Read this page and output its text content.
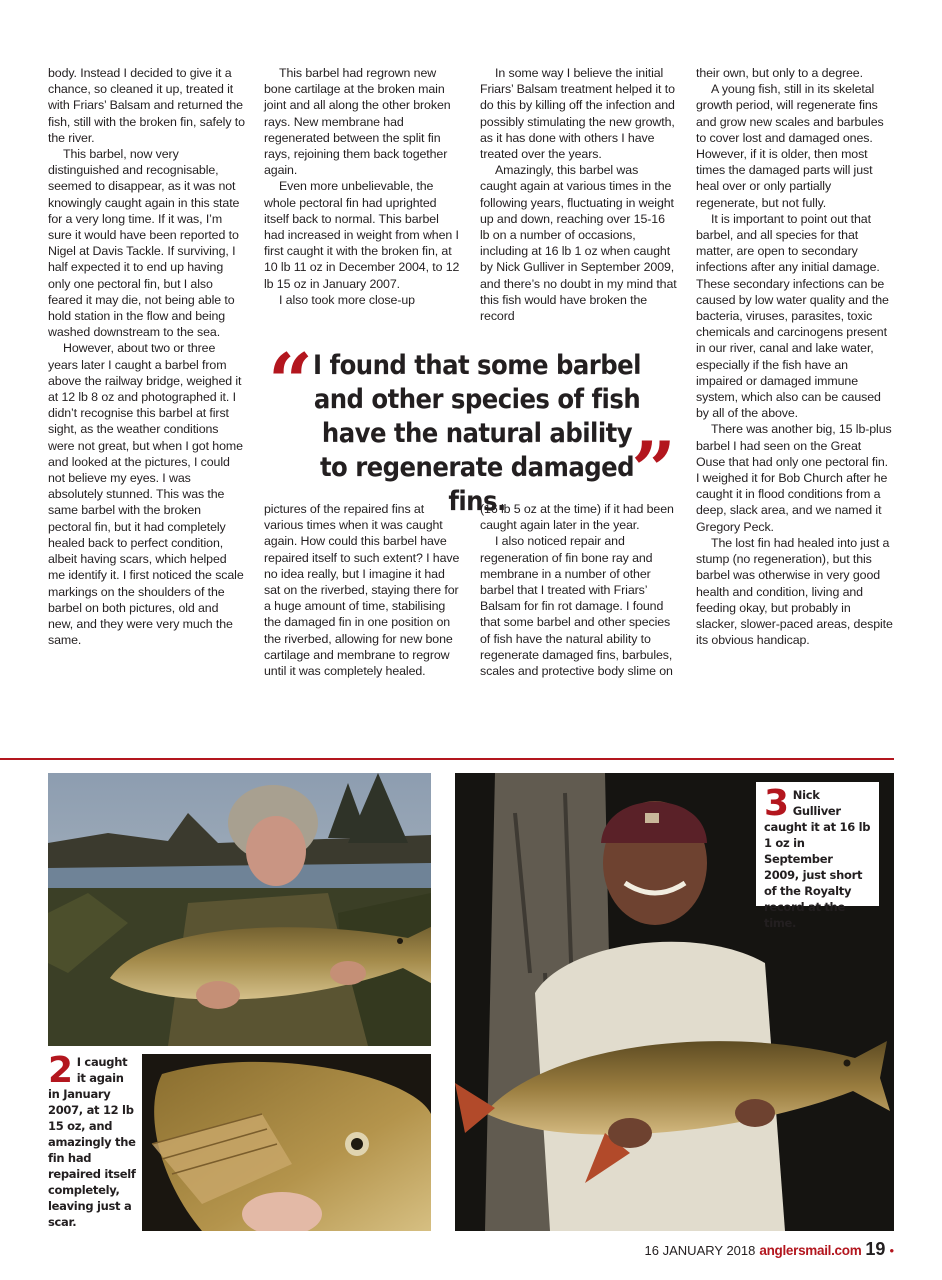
body. Instead I decided to give it a chance, so cleaned it up, treated it with Friars’ Balsam and returned the fish, still with the broken fin, safely to the river.

This barbel, now very distinguished and recognisable, seemed to disappear, as it was not knowingly caught again in this state for a very long time. If it was, I’m sure it would have been reported to Nigel at Davis Tackle. If surviving, I half expected it to end up having only one pectoral fin, but I also feared it may die, not being able to hold station in the flow and being washed downstream to the sea.

However, about two or three years later I caught a barbel from above the railway bridge, weighed it at 12 lb 8 oz and photographed it. I didn’t recognise this barbel at first sight, as the weather conditions were not great, but when I got home and looked at the pictures, I could not believe my eyes. I was absolutely stunned. This was the same barbel with the broken pectoral fin, but it had completely healed back to perfect condition, albeit having scars, which helped me identify it. I first noticed the scale markings on the shoulders of the barbel on both pictures, old and new, and they were very much the same.

This barbel had regrown new bone cartilage at the broken main joint and all along the other broken rays. New membrane had regenerated between the split fin rays, rejoining them back together again.

Even more unbelievable, the whole pectoral fin had uprighted itself back to normal. This barbel had increased in weight from when I first caught it with the broken fin, at 10 lb 11 oz in December 2004, to 12 lb 15 oz in January 2007.

I also took more close-up

pictures of the repaired fins at various times when it was caught again. How could this barbel have repaired itself to such extent? I have no idea really, but I imagine it had sat on the riverbed, staying there for a huge amount of time, stabilising the damaged fin in one position on the riverbed, allowing for new bone cartilage and membrane to regrow until it was completely healed.

In some way I believe the initial Friars’ Balsam treatment helped it to do this by killing off the infection and possibly stimulating the new growth, as it has done with others I have treated over the years.

Amazingly, this barbel was caught again at various times in the following years, fluctuating in weight up and down, reaching over 15-16 lb on a number of occasions, including at 16 lb 1 oz when caught by Nick Gulliver in September 2009, and there’s no doubt in my mind that this fish would have broken the record

(16 lb 5 oz at the time) if it had been caught again later in the year.

I also noticed repair and regeneration of fin bone ray and membrane in a number of other barbel that I treated with Friars’ Balsam for fin rot damage. I found that some barbel and other species of fish have the natural ability to regenerate damaged fins, barbules, scales and protective body slime on

their own, but only to a degree.

A young fish, still in its skeletal growth period, will regenerate fins and grow new scales and barbules to cover lost and damaged ones. However, if it is older, then most times the damaged parts will just heal over or only partially regenerate, but not fully.

It is important to point out that barbel, and all species for that matter, are open to secondary infections after any initial damage. These secondary infections can be caused by low water quality and the bacteria, viruses, parasites, toxic chemicals and carcinogens present in our river, canal and lake water, especially if the fish have an impaired or damaged immune system, which also can be caused by all of the above.

There was another big, 15 lb-plus barbel I had seen on the Great Ouse that had only one pectoral fin. I weighed it for Bob Church after he caught it in flood conditions from a deep, slack area, and we named it Gregory Peck.

The lost fin had healed into just a stump (no regeneration), but this barbel was otherwise in very good health and condition, living and feeding okay, but probably in slacker, slower-paced areas, despite its obvious handicap.

“ I found that some barbel and other species of fish have the natural ability to regenerate damaged fins.	”
2 I caught it again in January 2007, at 12 lb 15 oz, and amazingly the fin had repaired itself completely, leaving just a scar.
3 Nick Gulliver caught it at 16 lb 1 oz in September 2009, just short of the Royalty record at the time.
16 JANUARY 2018 anglersmail.com 19 •
